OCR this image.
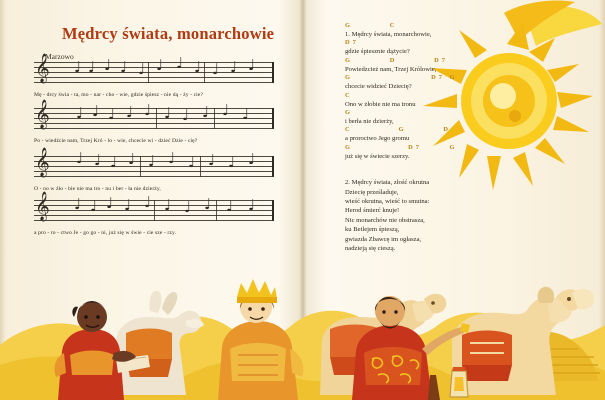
Mędrcy świata, monarchowie
Marzowo
𝄞 ♩ ♩ ♩ ♩ ♩ ♩ ♩ ♩ ♩ ♩ ♩
Mę - drcy świa - ta, mo - nar - cho - wie, gdzie śpiesz - nie dą - ży - cie?
𝄞 ♩ ♩ ♩ ♩ ♩ ♩ ♩ ♩ ♩ ♩
Po - wiedźcie nam, Trzej Kró - lo - wie, chcecie wi - dzieć Dzie - cię?
𝄞 ♩ ♩ ♩ ♩ ♩ ♩ ♩ ♩ ♩ ♩
O - no w żło - bie nie ma tro - nu i ber - ła nie dzierży,
𝄞 ♩ ♩ ♩ ♩ ♩ ♩ ♩ ♩ ♩ ♩
a pro - ro - ctwo Je - go go - ni, już się w świe - cie sze - rzy.
G        C
1. Mędrcy świata, monarchowie,
D7
gdzie śpiesznie dążycie?
G        D        D7
Powiedzcież nam, Trzej Królowie,
G                 D7 G
chcecie widzieć Dziecię?
C
Ono w żłobie nie ma tronu
G
i berła nie dzierży,
C          G        D
a proroctwo Jego gromu
G            D7      G
już się w świecie szerzy.
2. Mędrcy świata, złość okrutna
Dziecię prześladuje,
wieść okrutna, wieść to smutna:
Herod śmierć knuje!
Nic monarchów nie obstrasza,
ku Betlejem śpieszą,
gwiazda Zbawcę im ogłasza,
nadzieją się cieszą.
